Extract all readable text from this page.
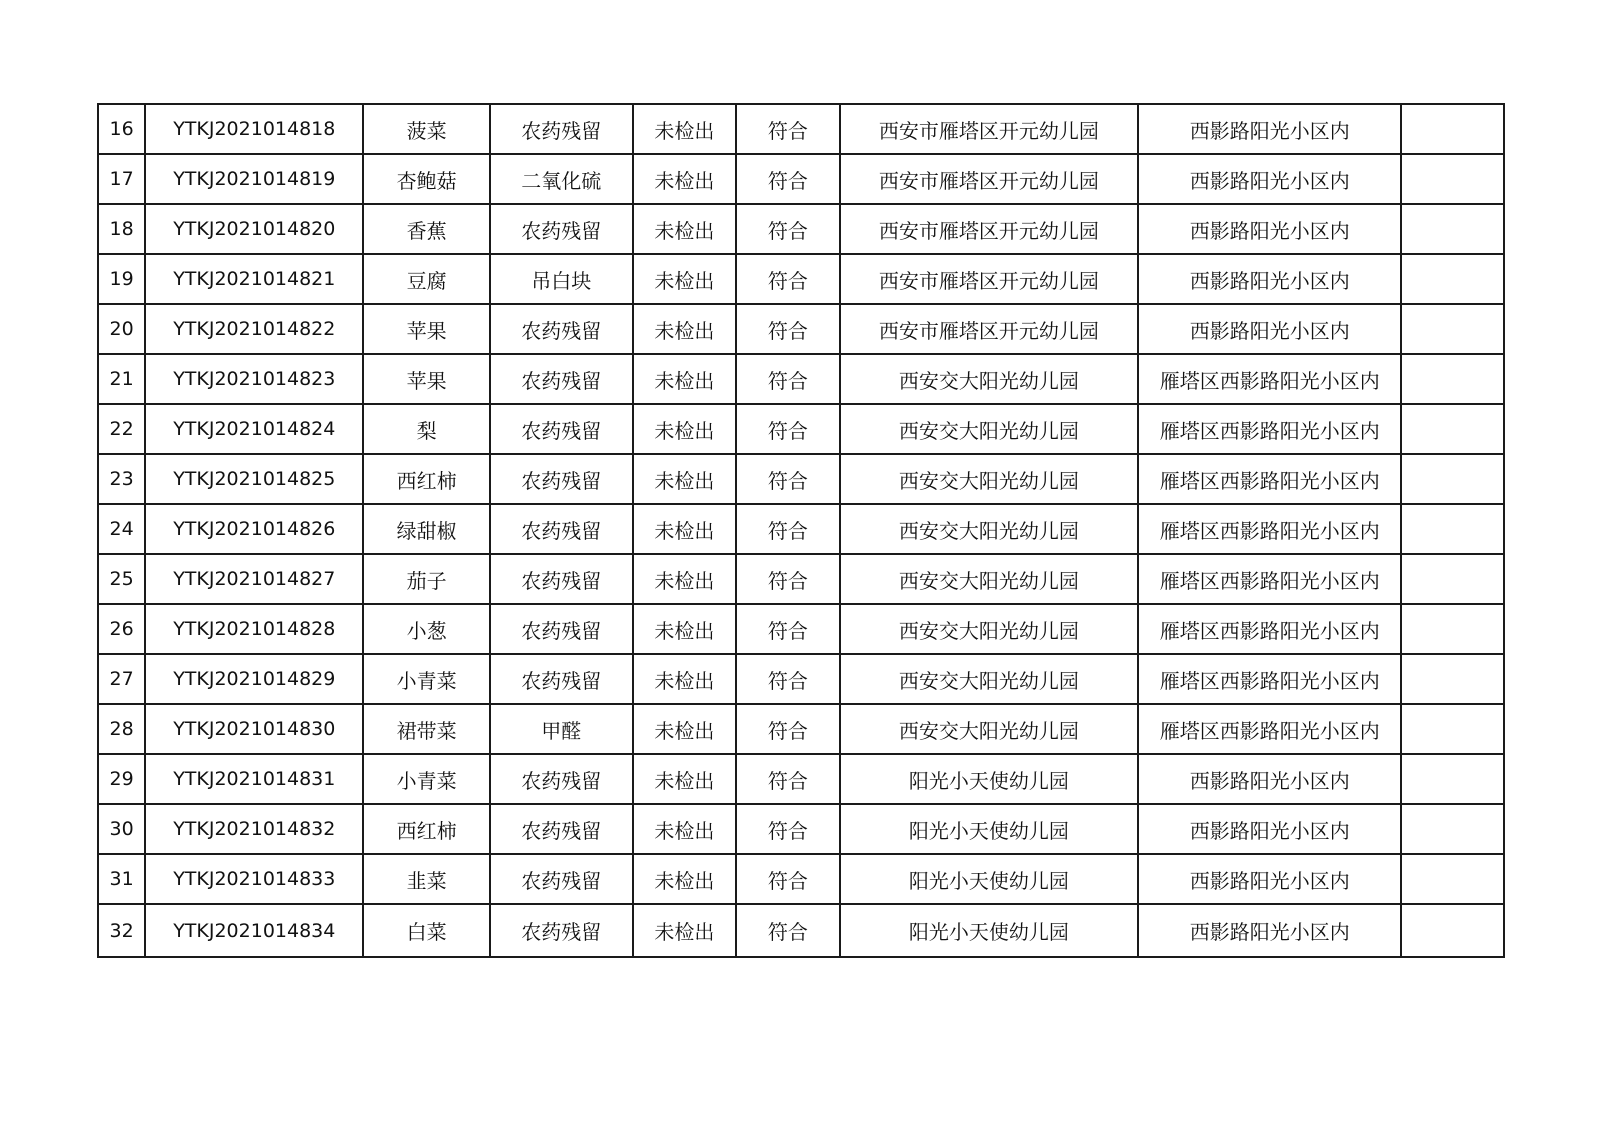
16	YTKJ2021014818	菠菜	农药残留	未检出	符合	西安市雁塔区开元幼儿园	西影路阳光小区内	
17	YTKJ2021014819	杏鲍菇	二氧化硫	未检出	符合	西安市雁塔区开元幼儿园	西影路阳光小区内	
18	YTKJ2021014820	香蕉	农药残留	未检出	符合	西安市雁塔区开元幼儿园	西影路阳光小区内	
19	YTKJ2021014821	豆腐	吊白块	未检出	符合	西安市雁塔区开元幼儿园	西影路阳光小区内	
20	YTKJ2021014822	苹果	农药残留	未检出	符合	西安市雁塔区开元幼儿园	西影路阳光小区内	
21	YTKJ2021014823	苹果	农药残留	未检出	符合	西安交大阳光幼儿园	雁塔区西影路阳光小区内	
22	YTKJ2021014824	梨	农药残留	未检出	符合	西安交大阳光幼儿园	雁塔区西影路阳光小区内	
23	YTKJ2021014825	西红柿	农药残留	未检出	符合	西安交大阳光幼儿园	雁塔区西影路阳光小区内	
24	YTKJ2021014826	绿甜椒	农药残留	未检出	符合	西安交大阳光幼儿园	雁塔区西影路阳光小区内	
25	YTKJ2021014827	茄子	农药残留	未检出	符合	西安交大阳光幼儿园	雁塔区西影路阳光小区内	
26	YTKJ2021014828	小葱	农药残留	未检出	符合	西安交大阳光幼儿园	雁塔区西影路阳光小区内	
27	YTKJ2021014829	小青菜	农药残留	未检出	符合	西安交大阳光幼儿园	雁塔区西影路阳光小区内	
28	YTKJ2021014830	裙带菜	甲醛	未检出	符合	西安交大阳光幼儿园	雁塔区西影路阳光小区内	
29	YTKJ2021014831	小青菜	农药残留	未检出	符合	阳光小天使幼儿园	西影路阳光小区内	
30	YTKJ2021014832	西红柿	农药残留	未检出	符合	阳光小天使幼儿园	西影路阳光小区内	
31	YTKJ2021014833	韭菜	农药残留	未检出	符合	阳光小天使幼儿园	西影路阳光小区内	
32	YTKJ2021014834	白菜	农药残留	未检出	符合	阳光小天使幼儿园	西影路阳光小区内	
